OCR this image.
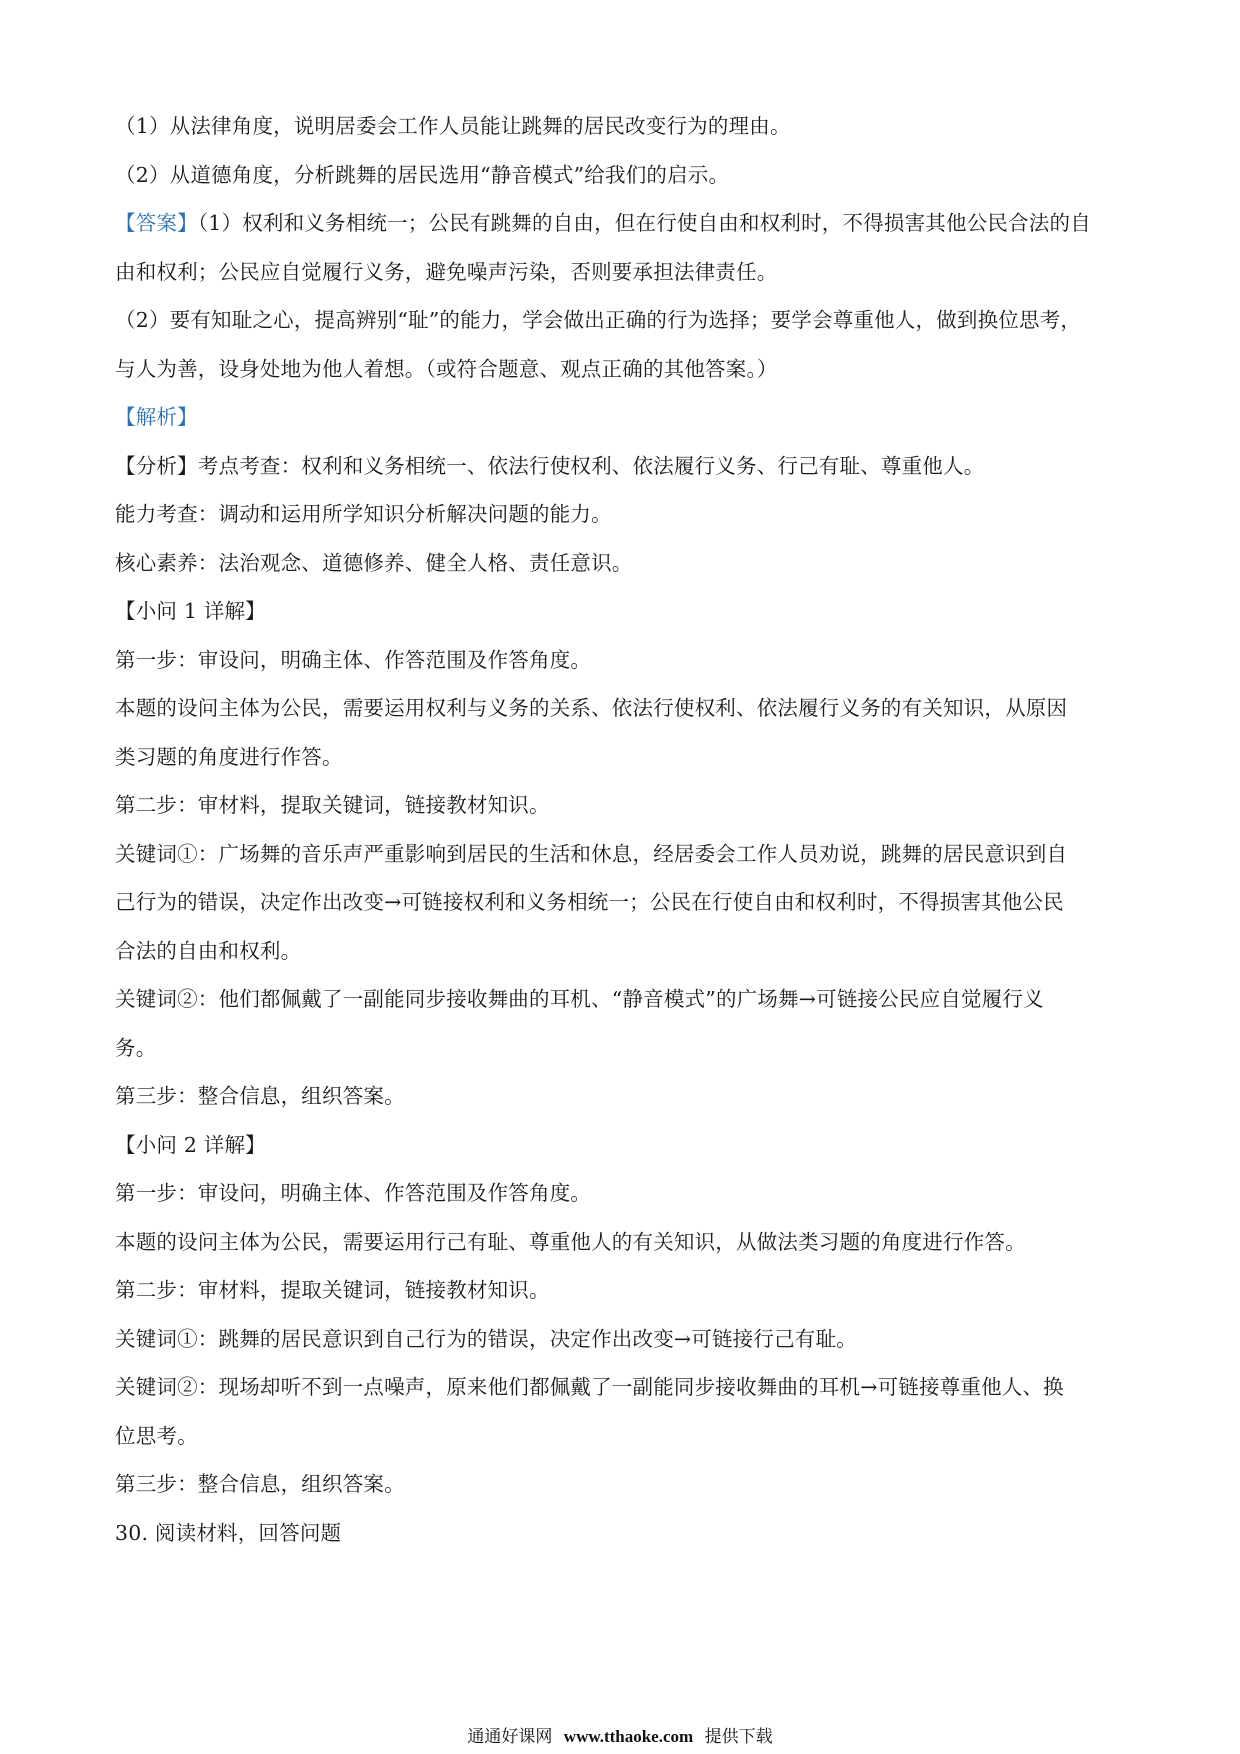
（1）从法律角度，说明居委会工作人员能让跳舞的居民改变行为的理由。
（2）从道德角度，分析跳舞的居民选用“静音模式”给我们的启示。
【答案】（1）权利和义务相统一；公民有跳舞的自由，但在行使自由和权利时，不得损害其他公民合法的自
由和权利；公民应自觉履行义务，避免噪声污染，否则要承担法律责任。
（2）要有知耻之心，提高辨别“耻”的能力，学会做出正确的行为选择；要学会尊重他人，做到换位思考，
与人为善，设身处地为他人着想。（或符合题意、观点正确的其他答案。）
【解析】
【分析】考点考查：权利和义务相统一、依法行使权利、依法履行义务、行己有耻、尊重他人。
能力考查：调动和运用所学知识分析解决问题的能力。
核心素养：法治观念、道德修养、健全人格、责任意识。
【小问 1 详解】
第一步：审设问，明确主体、作答范围及作答角度。
本题的设问主体为公民，需要运用权利与义务的关系、依法行使权利、依法履行义务的有关知识，从原因
类习题的角度进行作答。
第二步：审材料，提取关键词，链接教材知识。
关键词①：广场舞的音乐声严重影响到居民的生活和休息，经居委会工作人员劝说，跳舞的居民意识到自
己行为的错误，决定作出改变→可链接权利和义务相统一；公民在行使自由和权利时，不得损害其他公民
合法的自由和权利。
关键词②：他们都佩戴了一副能同步接收舞曲的耳机、“静音模式”的广场舞→可链接公民应自觉履行义
务。
第三步：整合信息，组织答案。
【小问 2 详解】
第一步：审设问，明确主体、作答范围及作答角度。
本题的设问主体为公民，需要运用行己有耻、尊重他人的有关知识，从做法类习题的角度进行作答。
第二步：审材料，提取关键词，链接教材知识。
关键词①：跳舞的居民意识到自己行为的错误，决定作出改变→可链接行己有耻。
关键词②：现场却听不到一点噪声，原来他们都佩戴了一副能同步接收舞曲的耳机→可链接尊重他人、换
位思考。
第三步：整合信息，组织答案。
30. 阅读材料，回答问题
通通好课网 www.tthaoke.com 提供下载
